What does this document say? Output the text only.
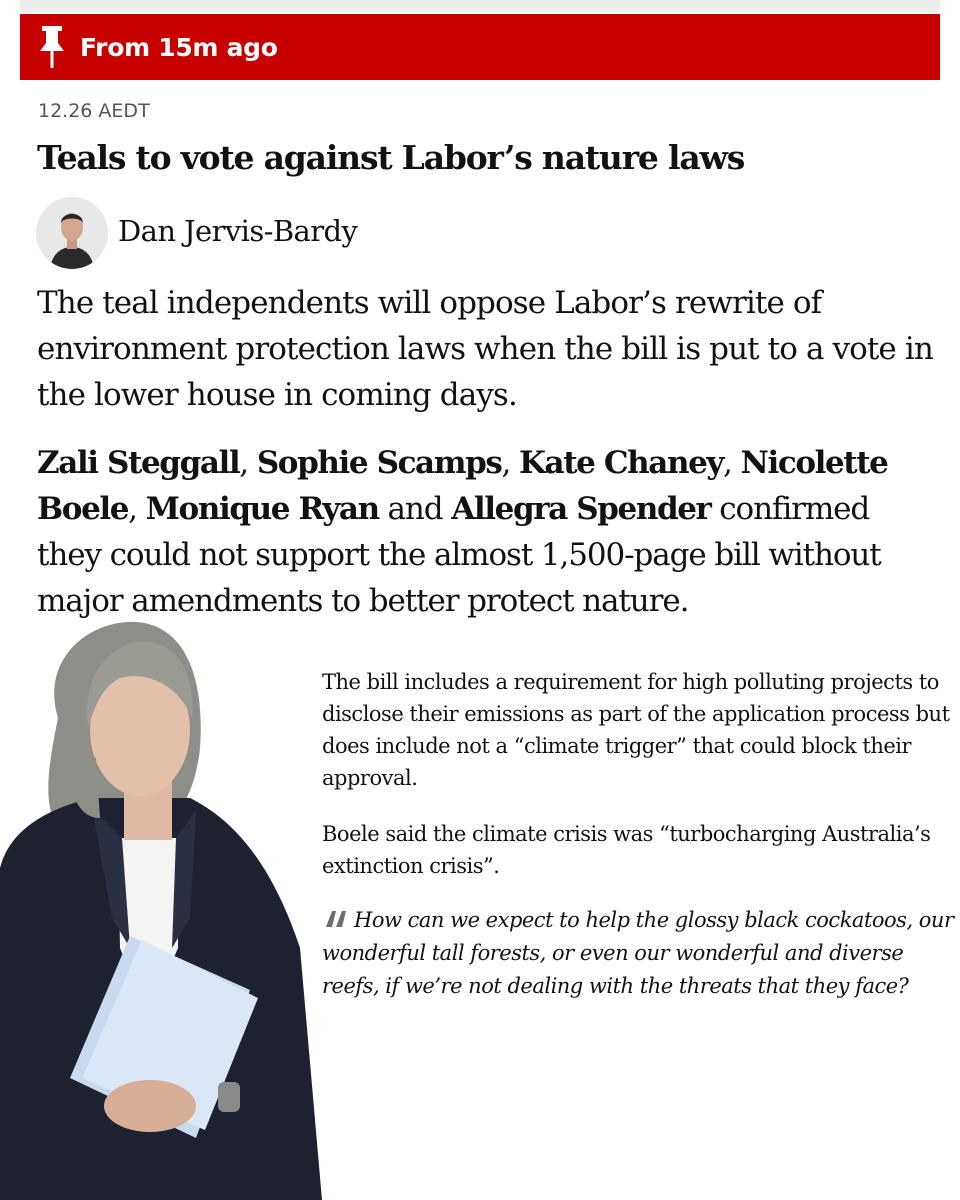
From 15m ago
12.26 AEDT
Teals to vote against Labor’s nature laws
Dan Jervis-Bardy

The teal independents will oppose Labor’s rewrite of environment protection laws when the bill is put to a vote in the lower house in coming days.

Zali Steggall, Sophie Scamps, Kate Chaney, Nicolette Boele, Monique Ryan and Allegra Spender confirmed they could not support the almost 1,500-page bill without major amendments to better protect nature.

The bill includes a requirement for high polluting projects to disclose their emissions as part of the application process but does include not a “climate trigger” that could block their approval.

Boele said the climate crisis was “turbocharging Australia’s extinction crisis”.

How can we expect to help the glossy black cockatoos, our wonderful tall forests, or even our wonderful and diverse reefs, if we’re not dealing with the threats that they face?
